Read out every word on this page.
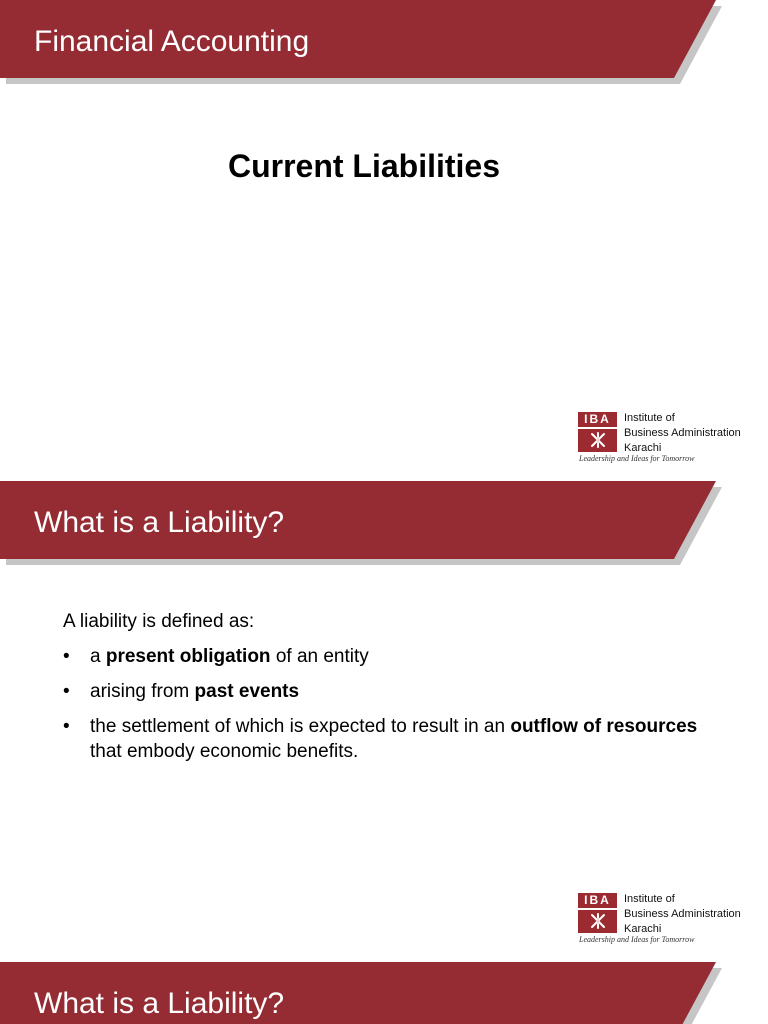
Financial Accounting
Current Liabilities
IBA	Institute of
Business Administration
Karachi
Leadership and Ideas for Tomorrow
What is a Liability?

A liability is defined as:

• a present obligation of an entity
• arising from past events
• the settlement of which is expected to result in an outflow of resources that embody economic benefits.
IBA	Institute of
Business Administration
Karachi
Leadership and Ideas for Tomorrow
What is a Liability?
